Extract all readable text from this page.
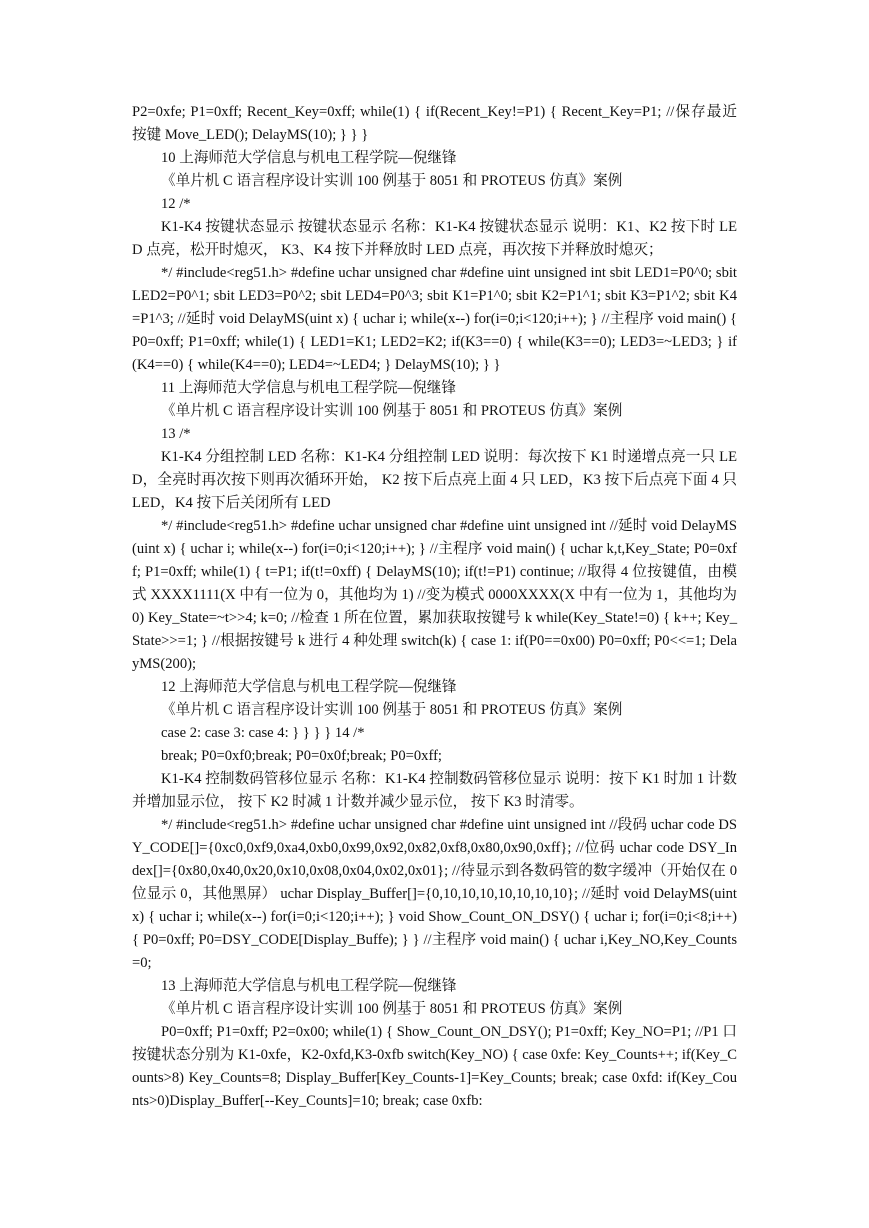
P2=0xfe; P1=0xff; Recent_Key=0xff; while(1) { if(Recent_Key!=P1) { Recent_Key=P1; //保存最近按键 Move_LED(); DelayMS(10); } } }

10 上海师范大学信息与机电工程学院—倪继锋

《单片机 C 语言程序设计实训 100 例基于 8051 和 PROTEUS 仿真》案例

12 /*

K1-K4 按键状态显示 按键状态显示 名称：K1-K4 按键状态显示 说明：K1、K2 按下时 LED 点亮，松开时熄灭， K3、K4 按下并释放时 LED 点亮，再次按下并释放时熄灭；

*/ #include<reg51.h> #define uchar unsigned char #define uint unsigned int sbit LED1=P0^0; sbit LED2=P0^1; sbit LED3=P0^2; sbit LED4=P0^3; sbit K1=P1^0; sbit K2=P1^1; sbit K3=P1^2; sbit K4=P1^3; //延时 void DelayMS(uint x) { uchar i; while(x--) for(i=0;i<120;i++); } //主程序 void main() { P0=0xff; P1=0xff; while(1) { LED1=K1; LED2=K2; if(K3==0) { while(K3==0); LED3=~LED3; } if(K4==0) { while(K4==0); LED4=~LED4; } DelayMS(10); } }

11 上海师范大学信息与机电工程学院—倪继锋

《单片机 C 语言程序设计实训 100 例基于 8051 和 PROTEUS 仿真》案例

13 /*

K1-K4 分组控制 LED 名称：K1-K4 分组控制 LED 说明：每次按下 K1 时递增点亮一只 LED，全亮时再次按下则再次循环开始， K2 按下后点亮上面 4 只 LED，K3 按下后点亮下面 4 只 LED，K4 按下后关闭所有 LED

*/ #include<reg51.h> #define uchar unsigned char #define uint unsigned int //延时 void DelayMS(uint x) { uchar i; while(x--) for(i=0;i<120;i++); } //主程序 void main() { uchar k,t,Key_State; P0=0xff; P1=0xff; while(1) { t=P1; if(t!=0xff) { DelayMS(10); if(t!=P1) continue; //取得 4 位按键值，由模式 XXXX1111(X 中有一位为 0，其他均为 1) //变为模式 0000XXXX(X 中有一位为 1，其他均为 0) Key_State=~t>>4; k=0; //检查 1 所在位置，累加获取按键号 k while(Key_State!=0) { k++; Key_State>>=1; } //根据按键号 k 进行 4 种处理 switch(k) { case 1: if(P0==0x00) P0=0xff; P0<<=1; DelayMS(200);

12 上海师范大学信息与机电工程学院—倪继锋

《单片机 C 语言程序设计实训 100 例基于 8051 和 PROTEUS 仿真》案例

case 2: case 3: case 4: } } } } 14 /*

break; P0=0xf0;break; P0=0x0f;break; P0=0xff;

K1-K4 控制数码管移位显示 名称：K1-K4 控制数码管移位显示 说明：按下 K1 时加 1 计数并增加显示位， 按下 K2 时减 1 计数并减少显示位， 按下 K3 时清零。

*/ #include<reg51.h> #define uchar unsigned char #define uint unsigned int //段码 uchar code DSY_CODE[]={0xc0,0xf9,0xa4,0xb0,0x99,0x92,0x82,0xf8,0x80,0x90,0xff}; //位码 uchar code DSY_Index[]={0x80,0x40,0x20,0x10,0x08,0x04,0x02,0x01}; //待显示到各数码管的数字缓冲（开始仅在 0 位显示 0，其他黑屏） uchar Display_Buffer[]={0,10,10,10,10,10,10,10}; //延时 void DelayMS(uint x) { uchar i; while(x--) for(i=0;i<120;i++); } void Show_Count_ON_DSY() { uchar i; for(i=0;i<8;i++) { P0=0xff; P0=DSY_CODE[Display_Buffe); } } //主程序 void main() { uchar i,Key_NO,Key_Counts=0;

13 上海师范大学信息与机电工程学院—倪继锋

《单片机 C 语言程序设计实训 100 例基于 8051 和 PROTEUS 仿真》案例

P0=0xff; P1=0xff; P2=0x00; while(1) { Show_Count_ON_DSY(); P1=0xff; Key_NO=P1; //P1 口按键状态分别为 K1-0xfe，K2-0xfd,K3-0xfb switch(Key_NO) { case 0xfe: Key_Counts++; if(Key_Counts>8) Key_Counts=8; Display_Buffer[Key_Counts-1]=Key_Counts; break; case 0xfd: if(Key_Counts>0)Display_Buffer[--Key_Counts]=10; break; case 0xfb:
